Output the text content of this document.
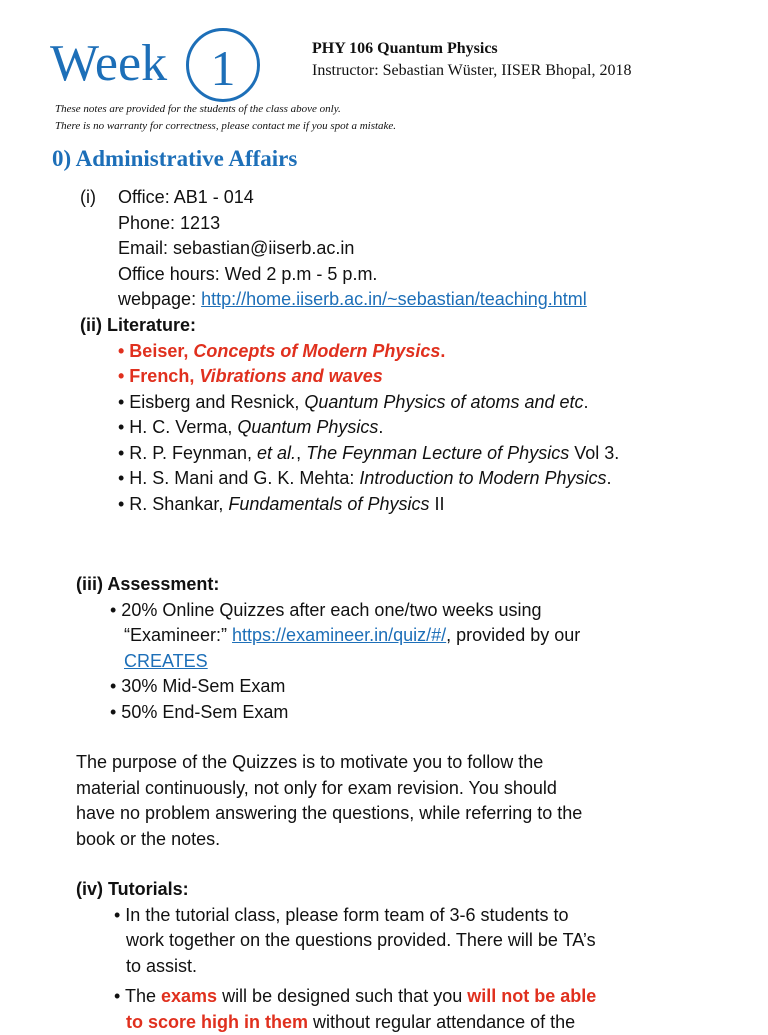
Week 1	PHY 106 Quantum Physics
Instructor: Sebastian Wüster, IISER Bhopal, 2018
These notes are provided for the students of the class above only.
There is no warranty for correctness, please contact me if you spot a mistake.
0) Administrative Affairs
(i)	Office: AB1 - 014
Phone: 1213
Email: sebastian@iiserb.ac.in
Office hours: Wed 2 p.m - 5 p.m.
webpage: http://home.iiserb.ac.in/~sebastian/teaching.html
(ii) Literature:
• Beiser, Concepts of Modern Physics.
• French, Vibrations and waves
• Eisberg and Resnick, Quantum Physics of atoms and etc.
• H. C. Verma, Quantum Physics.
• R. P. Feynman, et al., The Feynman Lecture of Physics Vol 3.
• H. S. Mani and G. K. Mehta: Introduction to Modern Physics.
• R. Shankar, Fundamentals of Physics II
(iii) Assessment:
• 20% Online Quizzes after each one/two weeks using
“Examineer:” https://examineer.in/quiz/#/, provided by our
CREATES
• 30% Mid-Sem Exam
• 50% End-Sem Exam
The purpose of the Quizzes is to motivate you to follow the
material continuously, not only for exam revision. You should
have no problem answering the questions, while referring to the
book or the notes.
(iv) Tutorials:
• In the tutorial class, please form team of 3-6 students to
work together on the questions provided. There will be TA’s
to assist.
• The exams will be designed such that you will not be able
to score high in them without regular attendance of the
